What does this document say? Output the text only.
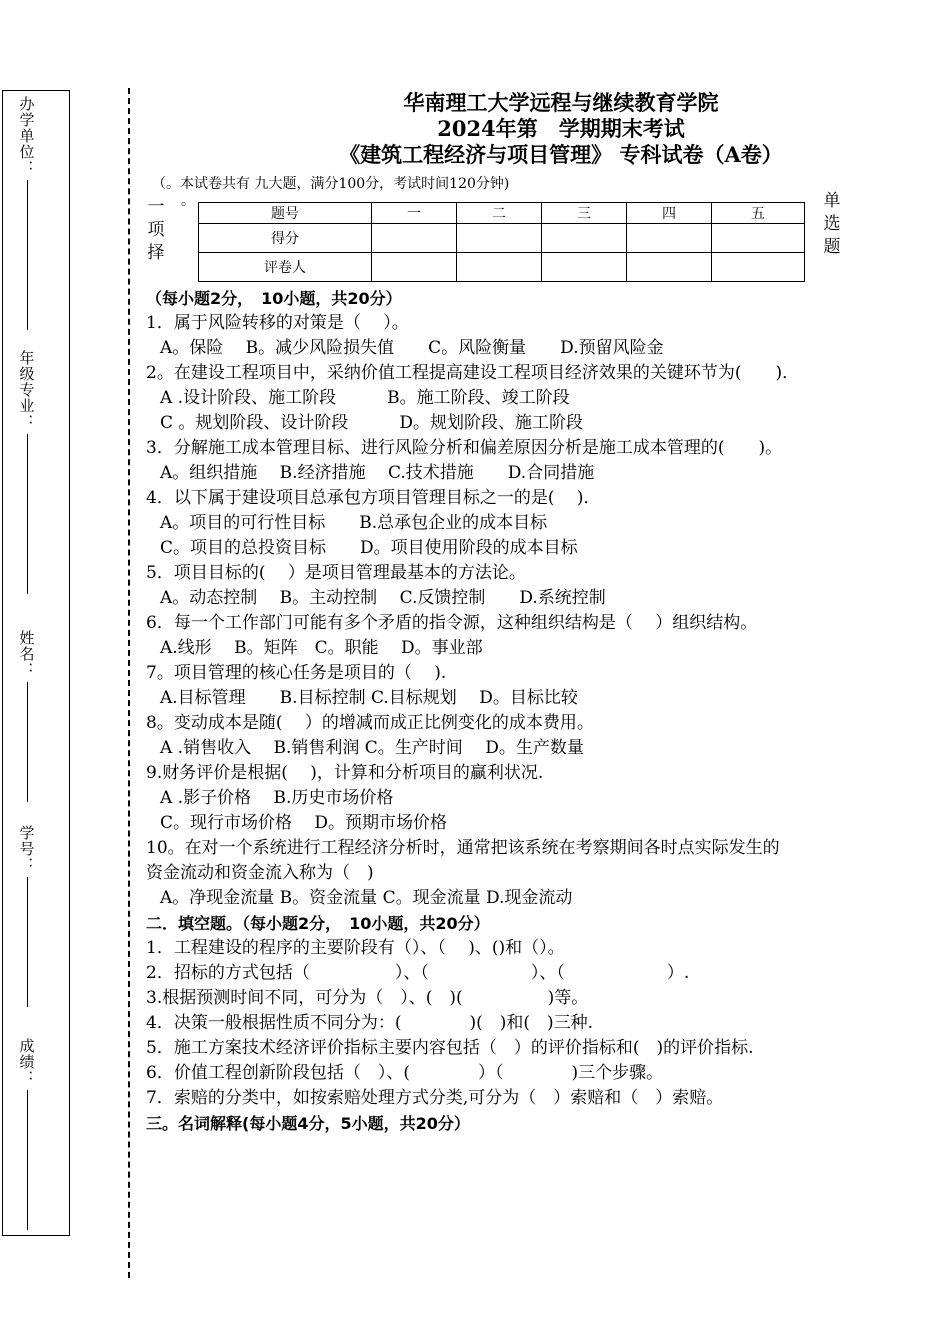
办学单位：
年级专业：
姓名：
学号：
成绩：
华南理工大学远程与继续教育学院
2024年第　学期期末考试
《建筑工程经济与项目管理》 专科试卷（A卷）
（。本试卷共有 九大题，满分100分，考试时间120分钟)
一
项
择
。
题号	一	二	三	四	五
得分					
评卷人					
单
选
题
（每小题2分，　10小题，共20分）
1．属于风险转移的对策是（　 ）。
A。保险　 B。减少风险损失值　　C。风险衡量　　D.预留风险金
2。在建设工程项目中，采纳价值工程提高建设工程项目经济效果的关键环节为(　　)．
A .设计阶段、施工阶段　　　B。施工阶段、竣工阶段
C 。规划阶段、设计阶段　　　D。规划阶段、施工阶段
3．分解施工成本管理目标、进行风险分析和偏差原因分析是施工成本管理的(　　)。
A。组织措施　 B.经济措施　 C.技术措施　　D.合同措施
4．以下属于建设项目总承包方项目管理目标之一的是(　 )．
A。项目的可行性目标　　B.总承包企业的成本目标
C。项目的总投资目标　　D。项目使用阶段的成本目标
5．项目目标的(　 ）是项目管理最基本的方法论。
A。动态控制　 B。主动控制　 C.反馈控制　　D.系统控制
6．每一个工作部门可能有多个矛盾的指令源，这种组织结构是（　 ）组织结构。
A.线形　 B。矩阵　C。职能　 D。事业部
7。项目管理的核心任务是项目的（　 ).
A.目标管理　　B.目标控制 C.目标规划　 D。目标比较
8。变动成本是随(　 ）的增减而成正比例变化的成本费用。
A .销售收入　 B.销售利润 C。生产时间　 D。生产数量
9.财务评价是根据(　 )，计算和分析项目的赢利状况.
A .影子价格　 B.历史市场价格
C。现行市场价格　 D。预期市场价格
10。在对一个系统进行工程经济分析时，通常把该系统在考察期间各时点实际发生的
资金流动和资金流入称为（　)
A。净现金流量 B。资金流量 C。现金流量 D.现金流动
二．填空题。（每小题2分，　10小题，共20分）
1．工程建设的程序的主要阶段有（）、（　 )、()和（）。
2．招标的方式包括（　　　　　）、（　　　　　　）、（　　　　　　）.
3.根据预测时间不同，可分为（　）、(　)(　　　　　)等。
4．决策一般根据性质不同分为：(　　　　)(　)和(　)三种.
5．施工方案技术经济评价指标主要内容包括（　）的评价指标和(　)的评价指标.
6．价值工程创新阶段包括（　）、(　　　　）（　　　　)三个步骤。
7．索赔的分类中，如按索赔处理方式分类,可分为（　）索赔和（　）索赔。
三。名词解释(每小题4分，5小题，共20分）
